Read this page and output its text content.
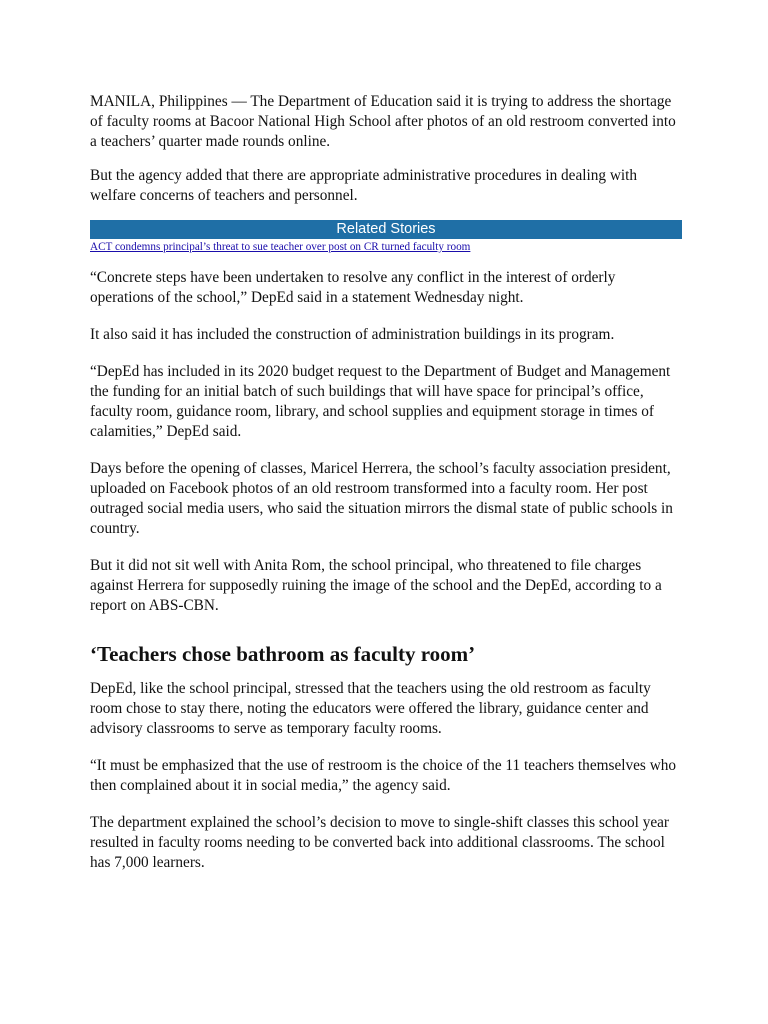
MANILA, Philippines — The Department of Education said it is trying to address the shortage of faculty rooms at Bacoor National High School after photos of an old restroom converted into a teachers’ quarter made rounds online.

But the agency added that there are appropriate administrative procedures in dealing with welfare concerns of teachers and personnel.

Related Stories
ACT condemns principal’s threat to sue teacher over post on CR turned faculty room

“Concrete steps have been undertaken to resolve any conflict in the interest of orderly operations of the school,” DepEd said in a statement Wednesday night.

It also said it has included the construction of administration buildings in its program.

“DepEd has included in its 2020 budget request to the Department of Budget and Management the funding for an initial batch of such buildings that will have space for principal’s office, faculty room, guidance room, library, and school supplies and equipment storage in times of calamities,” DepEd said.

Days before the opening of classes, Maricel Herrera, the school’s faculty association president, uploaded on Facebook photos of an old restroom transformed into a faculty room. Her post outraged social media users, who said the situation mirrors the dismal state of public schools in country.

But it did not sit well with Anita Rom, the school principal, who threatened to file charges against Herrera for supposedly ruining the image of the school and the DepEd, according to a report on ABS-CBN.

‘Teachers chose bathroom as faculty room’

DepEd, like the school principal, stressed that the teachers using the old restroom as faculty room chose to stay there, noting the educators were offered the library, guidance center and advisory classrooms to serve as temporary faculty rooms.

“It must be emphasized that the use of restroom is the choice of the 11 teachers themselves who then complained about it in social media,” the agency said.

The department explained the school’s decision to move to single-shift classes this school year resulted in faculty rooms needing to be converted back into additional classrooms. The school has 7,000 learners.
